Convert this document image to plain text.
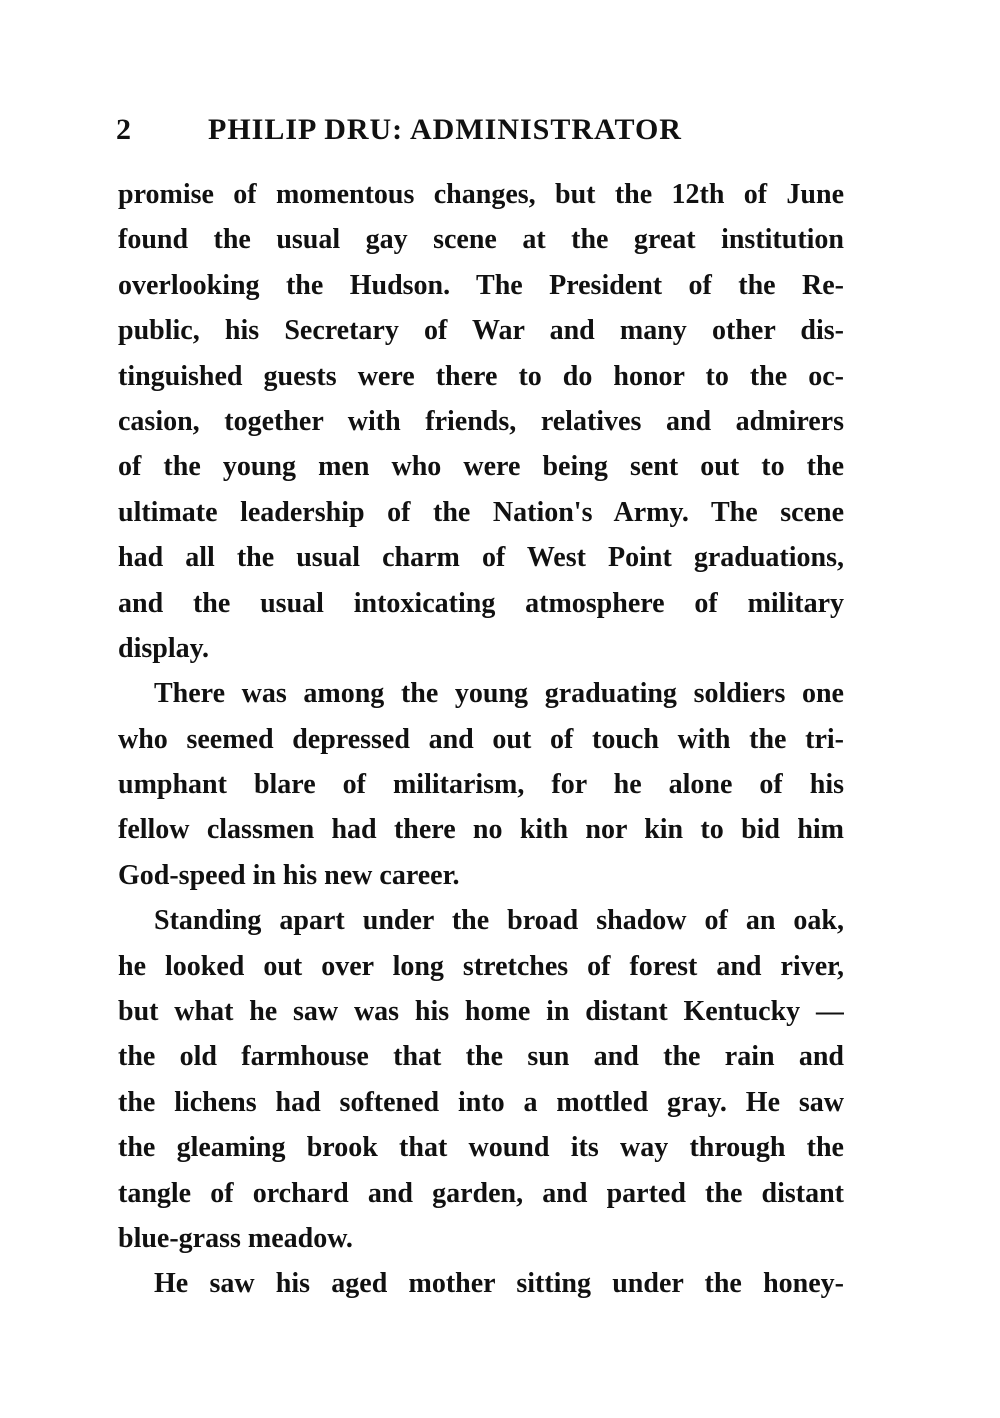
2	PHILIP DRU: ADMINISTRATOR
promise of momentous changes, but the 12th of June
found the usual gay scene at the great institution
overlooking the Hudson. The President of the Re-
public, his Secretary of War and many other dis-
tinguished guests were there to do honor to the oc-
casion, together with friends, relatives and admirers
of the young men who were being sent out to the
ultimate leadership of the Nation's Army. The scene
had all the usual charm of West Point graduations,
and the usual intoxicating atmosphere of military
display.
There was among the young graduating soldiers one
who seemed depressed and out of touch with the tri-
umphant blare of militarism, for he alone of his
fellow classmen had there no kith nor kin to bid him
God-speed in his new career.
Standing apart under the broad shadow of an oak,
he looked out over long stretches of forest and river,
but what he saw was his home in distant Kentucky —
the old farmhouse that the sun and the rain and
the lichens had softened into a mottled gray. He saw
the gleaming brook that wound its way through the
tangle of orchard and garden, and parted the distant
blue-grass meadow.
He saw his aged mother sitting under the honey-
